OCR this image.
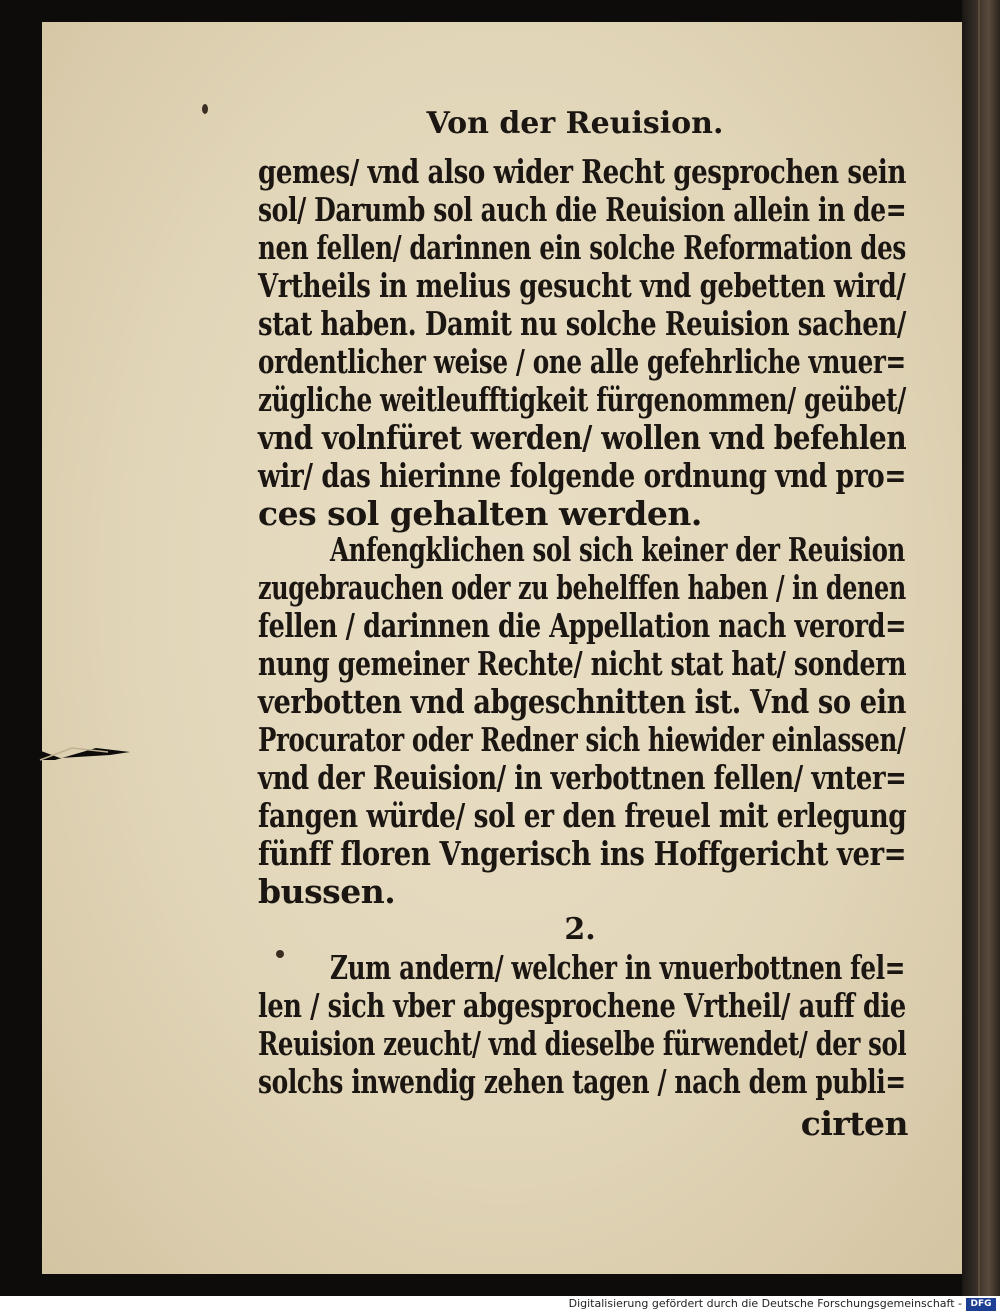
Von der Reuision.
gemes/ vnd also wider Recht gesprochen sein
sol/ Darumb sol auch die Reuision allein in de=
nen fellen/ darinnen ein solche Reformation des
Vrtheils in melius gesucht vnd gebetten wird/
stat haben. Damit nu solche Reuision sachen/
ordentlicher weise / one alle gefehrliche vnuer=
zügliche weitleufftigkeit fürgenommen/ geübet/
vnd volnfüret werden/ wollen vnd befehlen
wir/ das hierinne folgende ordnung vnd pro=
ces sol gehalten werden.
Anfengklichen sol sich keiner der Reuision
zugebrauchen oder zu behelffen haben / in denen
fellen / darinnen die Appellation nach verord=
nung gemeiner Rechte/ nicht stat hat/ sondern
verbotten vnd abgeschnitten ist. Vnd so ein
Procurator oder Redner sich hiewider einlassen/
vnd der Reuision/ in verbottnen fellen/ vnter=
fangen würde/ sol er den freuel mit erlegung
fünff floren Vngerisch ins Hoffgericht ver=
bussen.
2.
Zum andern/ welcher in vnuerbottnen fel=
len / sich vber abgesprochene Vrtheil/ auff die
Reuision zeucht/ vnd dieselbe fürwendet/ der sol
solchs inwendig zehen tagen / nach dem publi=
cirten
Digitalisierung gefördert durch die Deutsche Forschungsgemeinschaft - DFG
